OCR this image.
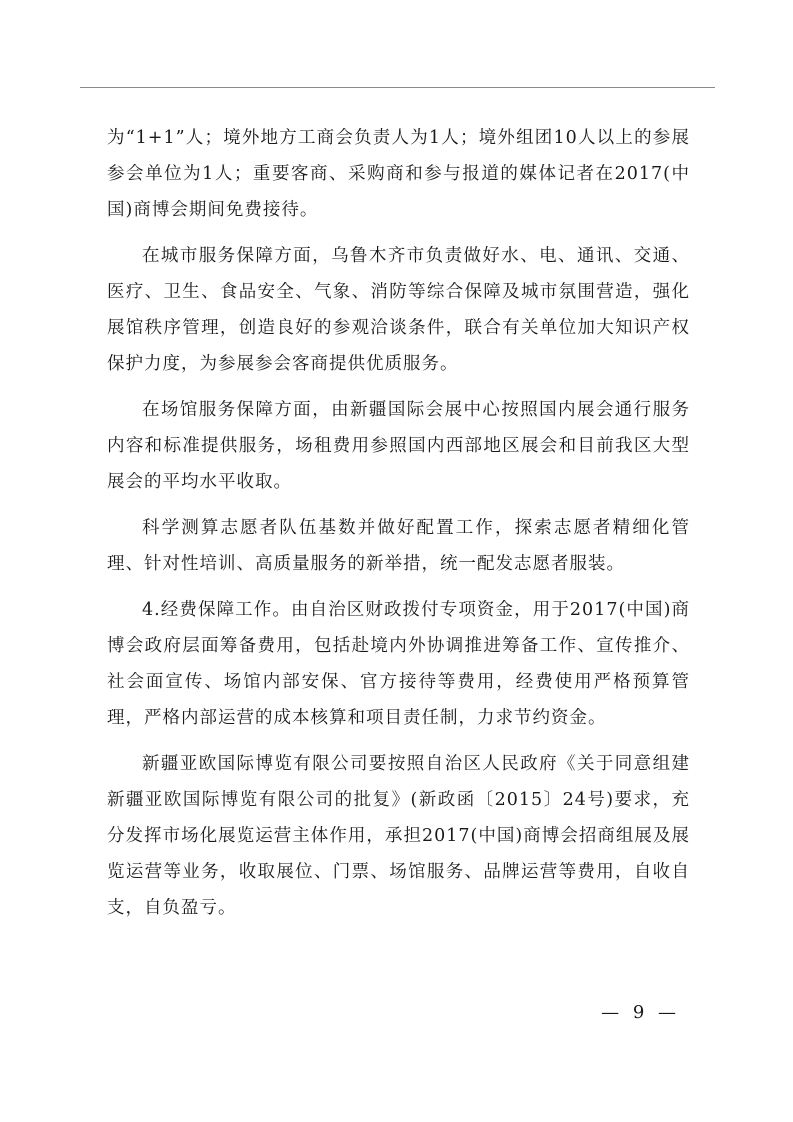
为“1+1”人；境外地方工商会负责人为1人；境外组团10人以上的参展参会单位为1人；重要客商、采购商和参与报道的媒体记者在2017(中国)商博会期间免费接待。

在城市服务保障方面，乌鲁木齐市负责做好水、电、通讯、交通、医疗、卫生、食品安全、气象、消防等综合保障及城市氛围营造，强化展馆秩序管理，创造良好的参观洽谈条件，联合有关单位加大知识产权保护力度，为参展参会客商提供优质服务。

在场馆服务保障方面，由新疆国际会展中心按照国内展会通行服务内容和标准提供服务，场租费用参照国内西部地区展会和目前我区大型展会的平均水平收取。

科学测算志愿者队伍基数并做好配置工作，探索志愿者精细化管理、针对性培训、高质量服务的新举措，统一配发志愿者服装。

4.经费保障工作。由自治区财政拨付专项资金，用于2017(中国)商博会政府层面筹备费用，包括赴境内外协调推进筹备工作、宣传推介、社会面宣传、场馆内部安保、官方接待等费用，经费使用严格预算管理，严格内部运营的成本核算和项目责任制，力求节约资金。

新疆亚欧国际博览有限公司要按照自治区人民政府《关于同意组建新疆亚欧国际博览有限公司的批复》(新政函〔2015〕24号)要求，充分发挥市场化展览运营主体作用，承担2017(中国)商博会招商组展及展览运营等业务，收取展位、门票、场馆服务、品牌运营等费用，自收自支，自负盈亏。

— 9 —
